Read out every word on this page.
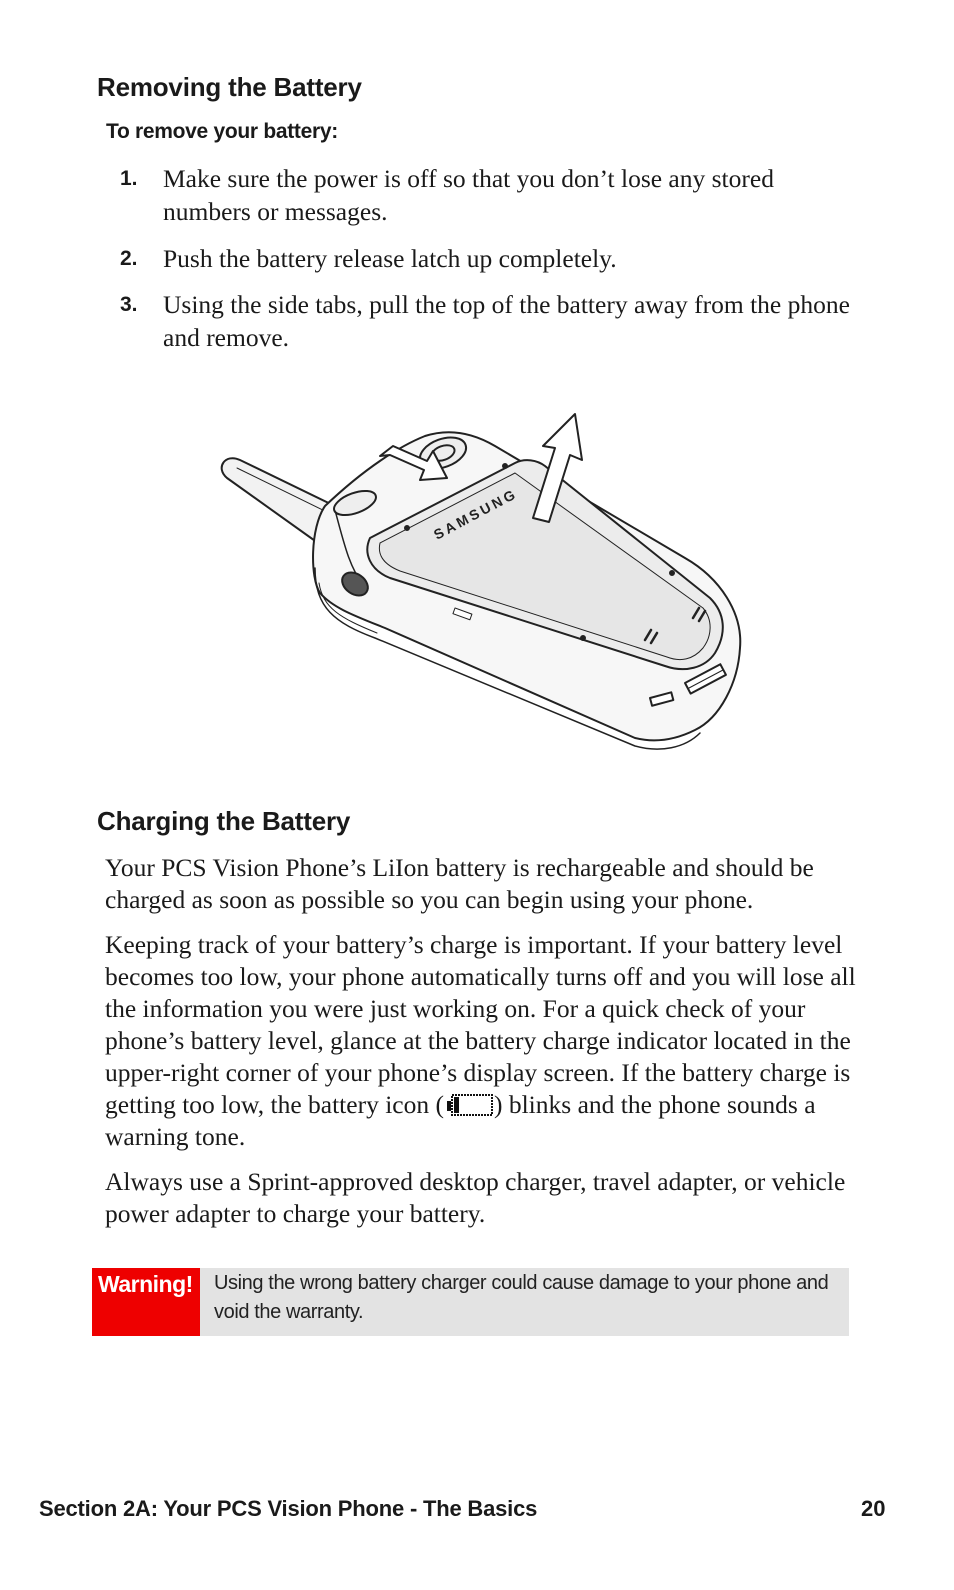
Removing the Battery
To remove your battery:
1. Make sure the power is off so that you don’t lose any stored numbers or messages.
2. Push the battery release latch up completely.
3. Using the side tabs, pull the top of the battery away from the phone and remove.
SAMSUNG
Charging the Battery
Your PCS Vision Phone’s LiIon battery is rechargeable and should be charged as soon as possible so you can begin using your phone.
Keeping track of your battery’s charge is important. If your battery level becomes too low, your phone automatically turns off and you will lose all the information you were just working on. For a quick check of your phone’s battery level, glance at the battery charge indicator located in the upper-right corner of your phone’s display screen. If the battery charge is getting too low, the battery icon ( ) blinks and the phone sounds a warning tone.
Always use a Sprint-approved desktop charger, travel adapter, or vehicle power adapter to charge your battery.
Warning!	Using the wrong battery charger could cause damage to your phone and void the warranty.
Section 2A: Your PCS Vision Phone - The Basics	20
